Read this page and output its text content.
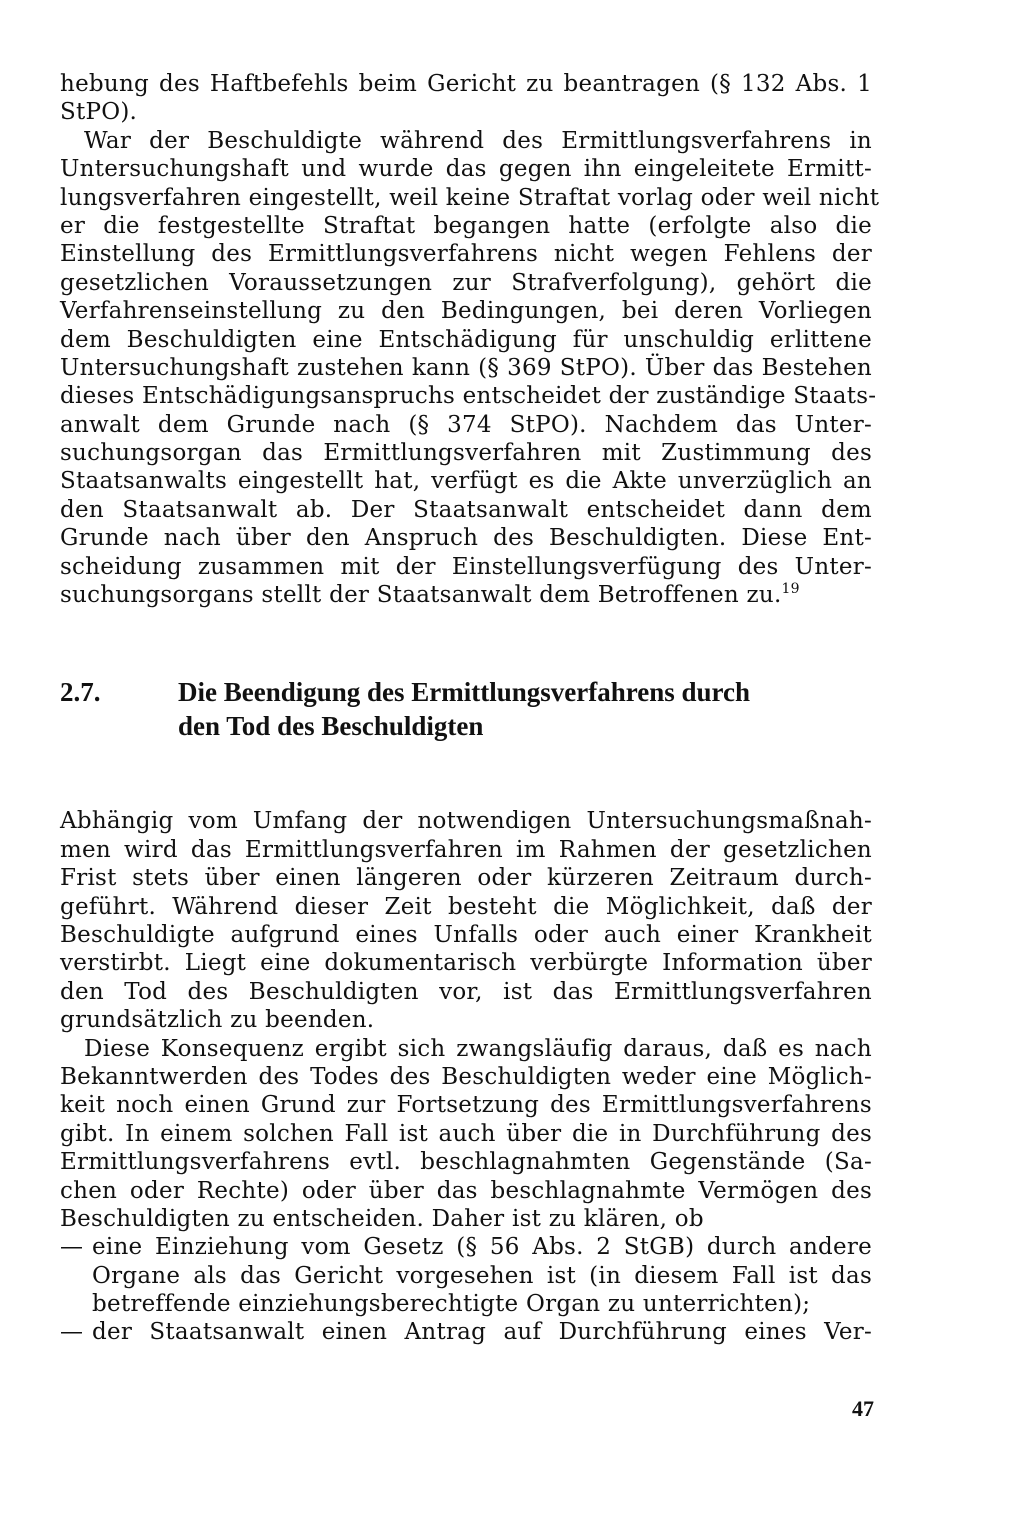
hebung des Haftbefehls beim Gericht zu beantragen (§ 132 Abs. 1
StPO).
War der Beschuldigte während des Ermittlungsverfahrens in
Untersuchungshaft und wurde das gegen ihn eingeleitete Ermitt-
lungsverfahren eingestellt, weil keine Straftat vorlag oder weil nicht
er die festgestellte Straftat begangen hatte (erfolgte also die
Einstellung des Ermittlungsverfahrens nicht wegen Fehlens der
gesetzlichen Voraussetzungen zur Strafverfolgung), gehört die
Verfahrenseinstellung zu den Bedingungen, bei deren Vorliegen
dem Beschuldigten eine Entschädigung für unschuldig erlittene
Untersuchungshaft zustehen kann (§ 369 StPO). Über das Bestehen
dieses Entschädigungsanspruchs entscheidet der zuständige Staats-
anwalt dem Grunde nach (§ 374 StPO). Nachdem das Unter-
suchungsorgan das Ermittlungsverfahren mit Zustimmung des
Staatsanwalts eingestellt hat, verfügt es die Akte unverzüglich an
den Staatsanwalt ab. Der Staatsanwalt entscheidet dann dem
Grunde nach über den Anspruch des Beschuldigten. Diese Ent-
scheidung zusammen mit der Einstellungsverfügung des Unter-
suchungsorgans stellt der Staatsanwalt dem Betroffenen zu.$^{19}$
2.7.	Die Beendigung des Ermittlungsverfahrens durch
den Tod des Beschuldigten
Abhängig vom Umfang der notwendigen Untersuchungsmaßnah-
men wird das Ermittlungsverfahren im Rahmen der gesetzlichen
Frist stets über einen längeren oder kürzeren Zeitraum durch-
geführt. Während dieser Zeit besteht die Möglichkeit, daß der
Beschuldigte aufgrund eines Unfalls oder auch einer Krankheit
verstirbt. Liegt eine dokumentarisch verbürgte Information über
den Tod des Beschuldigten vor, ist das Ermittlungsverfahren
grundsätzlich zu beenden.
Diese Konsequenz ergibt sich zwangsläufig daraus, daß es nach
Bekanntwerden des Todes des Beschuldigten weder eine Möglich-
keit noch einen Grund zur Fortsetzung des Ermittlungsverfahrens
gibt. In einem solchen Fall ist auch über die in Durchführung des
Ermittlungsverfahrens evtl. beschlagnahmten Gegenstände (Sa-
chen oder Rechte) oder über das beschlagnahmte Vermögen des
Beschuldigten zu entscheiden. Daher ist zu klären, ob
— eine Einziehung vom Gesetz (§ 56 Abs. 2 StGB) durch andere
Organe als das Gericht vorgesehen ist (in diesem Fall ist das
betreffende einziehungsberechtigte Organ zu unterrichten);
— der Staatsanwalt einen Antrag auf Durchführung eines Ver-
47
